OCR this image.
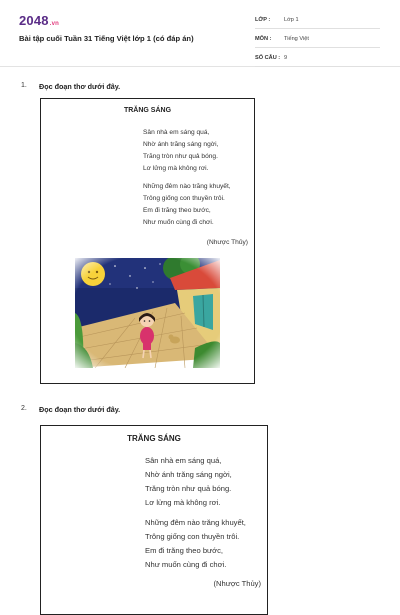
2048.vn
Bài tập cuối Tuần 31 Tiếng Việt lớp 1 (có đáp án)
LỚP : Lớp 1
MÔN : Tiếng Việt
SỐ CÂU : 9
1. Đọc đoạn thơ dưới đây.
TRĂNG SÁNG
Sân nhà em sáng quá,
Nhờ ánh trăng sáng ngời,
Trăng tròn như quả bóng.
Lơ lửng mà không rơi.
Những đêm nào trăng khuyết,
Trông giống con thuyền trôi.
Em đi trăng theo bước,
Như muốn cùng đi chơi.
(Nhược Thủy)
2. Đọc đoạn thơ dưới đây.
TRĂNG SÁNG
Sân nhà em sáng quá,
Nhờ ánh trăng sáng ngời,
Trăng tròn như quả bóng.
Lơ lửng mà không rơi.
Những đêm nào trăng khuyết,
Trông giống con thuyền trôi.
Em đi trăng theo bước,
Như muốn cùng đi chơi.
(Nhược Thủy)
